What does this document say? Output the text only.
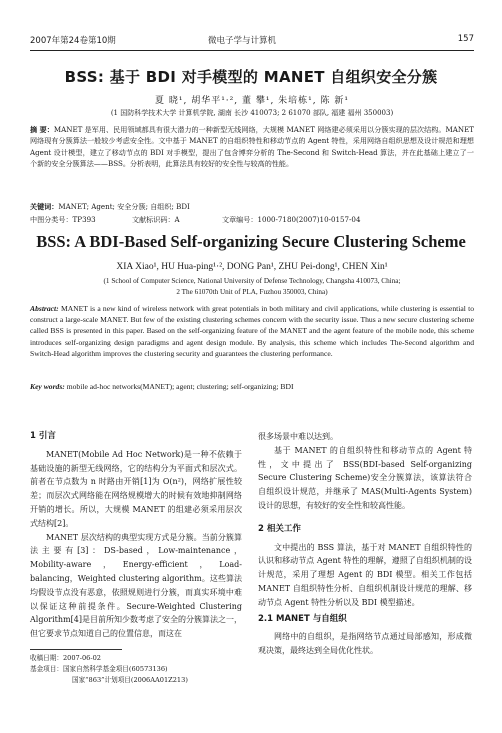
2007年第24卷第10期	微电子学与计算机	157
BSS: 基于 BDI 对手模型的 MANET 自组织安全分簇
夏 晓¹, 胡华平¹·², 董 攀¹, 朱培栋¹, 陈 新¹
(1 国防科学技术大学 计算机学院, 湖南 长沙 410073; 2 61070 部队, 福建 福州 350003)
摘 要：MANET 是军用、民用领域都具有很大潜力的一种新型无线网络，大规模 MANET 网络建必须采用以分簇实现的层次结构。MANET 网络现有分簇算法一般较少考虑安全性。文中基于 MANET 的自组织特性和移动节点的 Agent 特性，采用网络自组织思想及设计规范和理想 Agent 设计模型，建立了移动节点的 BDI 对手模型，提出了包含博弈分析的 The-Second 和 Switch-Head 算法，并在此基础上建立了一个新的安全分簇算法——BSS。分析表明，此算法具有较好的安全性与较高的性能。
关键词：MANET; Agent; 安全分簇; 自组织; BDI
中图分类号：TP393	文献标识码：A	文章编号：1000-7180(2007)10-0157-04
BSS: A BDI-Based Self-organizing Secure Clustering Scheme
XIA Xiao¹, HU Hua-ping¹·², DONG Pan¹, ZHU Pei-dong¹, CHEN Xin¹
(1 School of Computer Science, National University of Defense Technology, Changsha 410073, China;
2 The 61070th Unit of PLA, Fuzhou 350003, China)
Abstract: MANET is a new kind of wireless network with great potentials in both military and civil applications, while clustering is essential to construct a large-scale MANET. But few of the existing clustering schemes concern with the security issue. Thus a new secure clustering scheme called BSS is presented in this paper. Based on the self-organizing feature of the MANET and the agent feature of the mobile node, this scheme introduces self-organizing design paradigms and agent design module. By analysis, this scheme which includes The-Second algorithm and Switch-Head algorithm improves the clustering security and guarantees the clustering performance.
Key words: mobile ad-hoc networks(MANET); agent; clustering; self-organizing; BDI
1 引言

MANET(Mobile Ad Hoc Network)是一种不依赖于基础设施的新型无线网络，它的结构分为平面式和层次式。前者在节点数为 n 时路由开销[1]为 O(n²)，网络扩展性较差；而层次式网络能在网络规模增大的时候有效地抑制网络开销的增长。所以，大规模 MANET 的组建必须采用层次式结构[2]。

MANET 层次结构的典型实现方式是分簇。当前分簇算法主要有[3]：DS-based，Low-maintenance，Mobility-aware，Energy-efficient，Load-balancing，Weighted clustering algorithm。这些算法均假设节点没有恶意，依照规则进行分簇，而真实环境中难以保证这种前提条件。Secure-Weighted Clustering Algorithm[4]是目前所知少数考虑了安全的分簇算法之一，但它要求节点知道自己的位置信息，而这在

很多场景中难以达到。

基于 MANET 的自组织特性和移动节点的 Agent 特性，文中提出了 BSS(BDI-based Self-organizing Secure Clustering Scheme)安全分簇算法，该算法符合自组织设计规范，并继承了 MAS(Multi-Agents System)设计的思想，有较好的安全性和较高性能。

2 相关工作

文中提出的 BSS 算法，基于对 MANET 自组织特性的认识和移动节点 Agent 特性的理解，遵照了自组织机制的设计规范，采用了理想 Agent 的 BDI 模型。相关工作包括 MANET 自组织特性分析、自组织机制设计规范的理解、移动节点 Agent 特性分析以及 BDI 模型描述。

2.1 MANET 与自组织

网络中的自组织，是指网络节点通过局部感知，形成微观决策，最终达到全局优化性状。

收稿日期：2007-06-02
基金项目：国家自然科学基金项目(60573136)
国家“863”计划项目(2006AA01Z213)
